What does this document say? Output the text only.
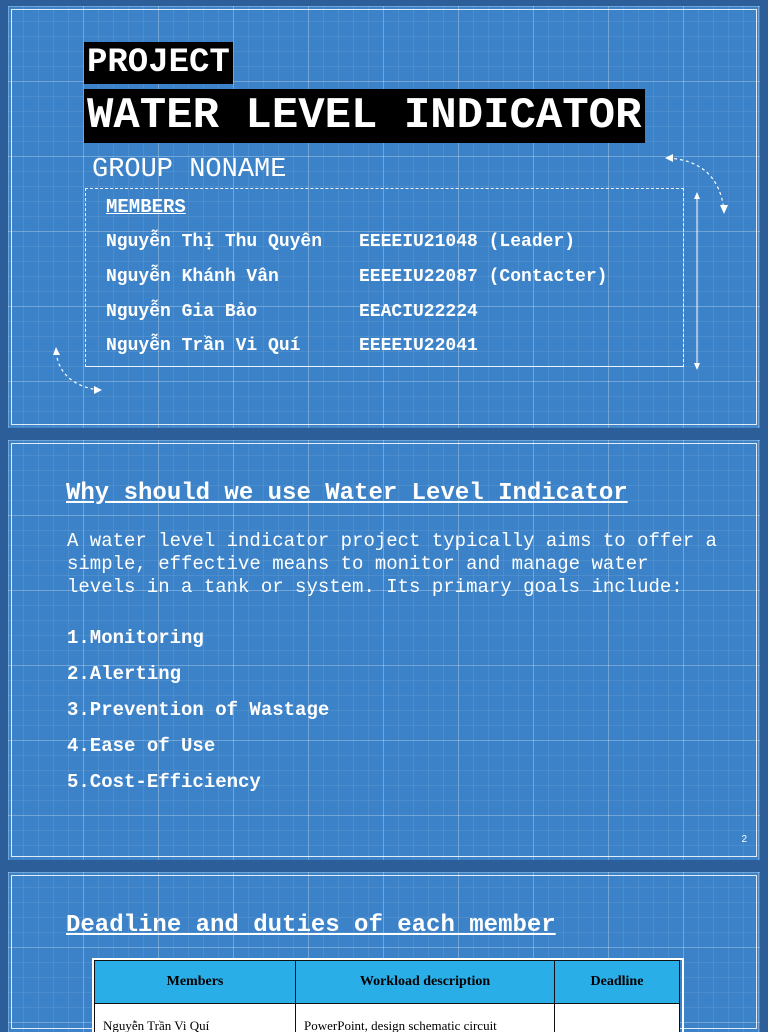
PROJECT
WATER LEVEL INDICATOR
GROUP NONAME
MEMBERS
Nguyễn Thị Thu Quyên EEEEIU21048 (Leader)
Nguyễn Khánh Vân	EEEEIU22087 (Contacter)
Nguyễn Gia Bảo	EEACIU22224
Nguyễn Trần Vi Quí	EEEEIU22041
Why should we use Water Level Indicator
A water level indicator project typically aims to offer a simple, effective means to monitor and manage water levels in a tank or system. Its primary goals include:
1.Monitoring
2.Alerting
3.Prevention of Wastage
4.Ease of Use
5.Cost-Efficiency
2
Deadline and duties of each member
Members	Workload description	Deadline
Nguyễn Trần Vi Quí	PowerPoint, design schematic circuit	
